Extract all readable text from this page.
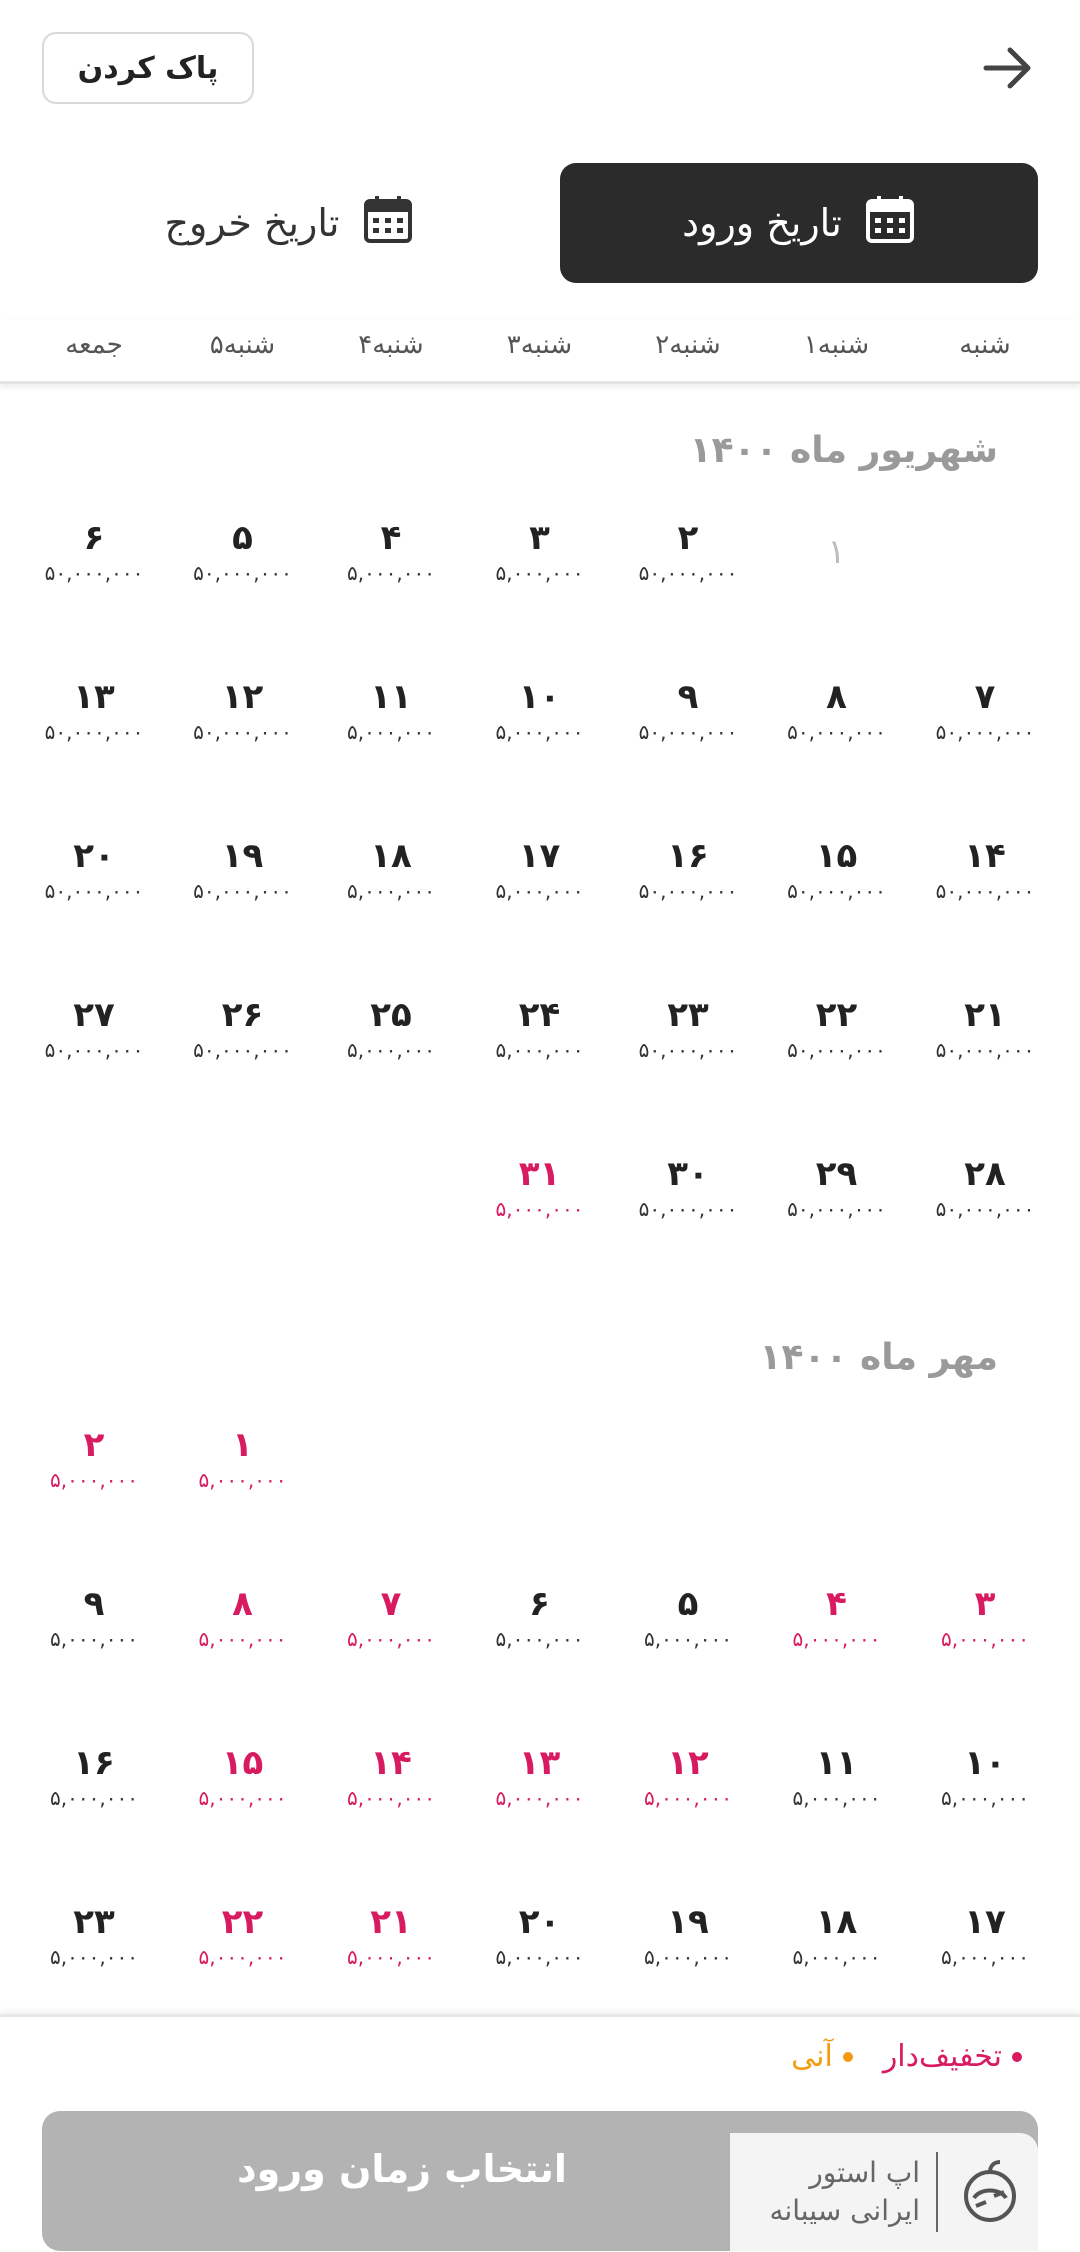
پاک کردن
تاریخ ورود
تاریخ خروج
شنبه
۱شنبه
۲شنبه
۳شنبه
۴شنبه
۵شنبه
جمعه
شهریور ماه ۱۴۰۰
۱
۲
۵۰,۰۰۰,۰۰۰
۳
۵,۰۰۰,۰۰۰
۴
۵,۰۰۰,۰۰۰
۵
۵۰,۰۰۰,۰۰۰
۶
۵۰,۰۰۰,۰۰۰
۷
۵۰,۰۰۰,۰۰۰
۸
۵۰,۰۰۰,۰۰۰
۹
۵۰,۰۰۰,۰۰۰
۱۰
۵,۰۰۰,۰۰۰
۱۱
۵,۰۰۰,۰۰۰
۱۲
۵۰,۰۰۰,۰۰۰
۱۳
۵۰,۰۰۰,۰۰۰
۱۴
۵۰,۰۰۰,۰۰۰
۱۵
۵۰,۰۰۰,۰۰۰
۱۶
۵۰,۰۰۰,۰۰۰
۱۷
۵,۰۰۰,۰۰۰
۱۸
۵,۰۰۰,۰۰۰
۱۹
۵۰,۰۰۰,۰۰۰
۲۰
۵۰,۰۰۰,۰۰۰
۲۱
۵۰,۰۰۰,۰۰۰
۲۲
۵۰,۰۰۰,۰۰۰
۲۳
۵۰,۰۰۰,۰۰۰
۲۴
۵,۰۰۰,۰۰۰
۲۵
۵,۰۰۰,۰۰۰
۲۶
۵۰,۰۰۰,۰۰۰
۲۷
۵۰,۰۰۰,۰۰۰
۲۸
۵۰,۰۰۰,۰۰۰
۲۹
۵۰,۰۰۰,۰۰۰
۳۰
۵۰,۰۰۰,۰۰۰
۳۱
۵,۰۰۰,۰۰۰
مهر ماه ۱۴۰۰
۱
۵,۰۰۰,۰۰۰
۲
۵,۰۰۰,۰۰۰
۳
۵,۰۰۰,۰۰۰
۴
۵,۰۰۰,۰۰۰
۵
۵,۰۰۰,۰۰۰
۶
۵,۰۰۰,۰۰۰
۷
۵,۰۰۰,۰۰۰
۸
۵,۰۰۰,۰۰۰
۹
۵,۰۰۰,۰۰۰
۱۰
۵,۰۰۰,۰۰۰
۱۱
۵,۰۰۰,۰۰۰
۱۲
۵,۰۰۰,۰۰۰
۱۳
۵,۰۰۰,۰۰۰
۱۴
۵,۰۰۰,۰۰۰
۱۵
۵,۰۰۰,۰۰۰
۱۶
۵,۰۰۰,۰۰۰
۱۷
۵,۰۰۰,۰۰۰
۱۸
۵,۰۰۰,۰۰۰
۱۹
۵,۰۰۰,۰۰۰
۲۰
۵,۰۰۰,۰۰۰
۲۱
۵,۰۰۰,۰۰۰
۲۲
۵,۰۰۰,۰۰۰
۲۳
۵,۰۰۰,۰۰۰
تخفیف‌دار
آنی
انتخاب زمان ورود	اپ استور
ایرانی سیبانه
